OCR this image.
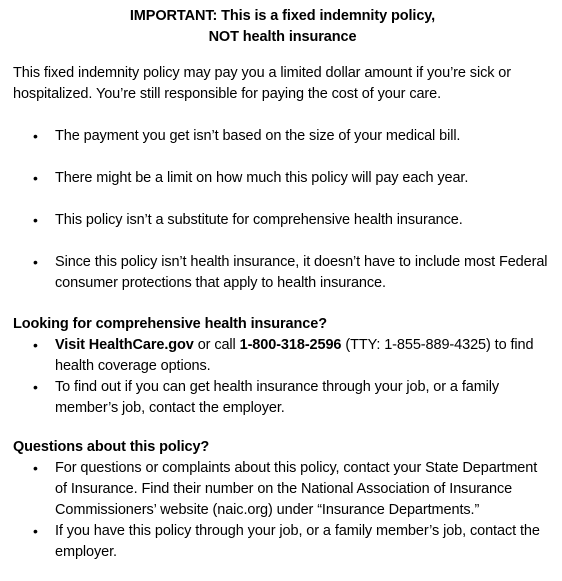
IMPORTANT: This is a fixed indemnity policy,
NOT health insurance

This fixed indemnity policy may pay you a limited dollar amount if you’re sick or hospitalized. You’re still responsible for paying the cost of your care.

• The payment you get isn’t based on the size of your medical bill.
• There might be a limit on how much this policy will pay each year.
• This policy isn’t a substitute for comprehensive health insurance.
• Since this policy isn’t health insurance, it doesn’t have to include most Federal consumer protections that apply to health insurance.

Looking for comprehensive health insurance?

• Visit HealthCare.gov or call 1-800-318-2596 (TTY: 1-855-889-4325) to find health coverage options.
• To find out if you can get health insurance through your job, or a family member’s job, contact the employer.

Questions about this policy?

• For questions or complaints about this policy, contact your State Department of Insurance. Find their number on the National Association of Insurance Commissioners’ website (naic.org) under “Insurance Departments.”
• If you have this policy through your job, or a family member’s job, contact the employer.
